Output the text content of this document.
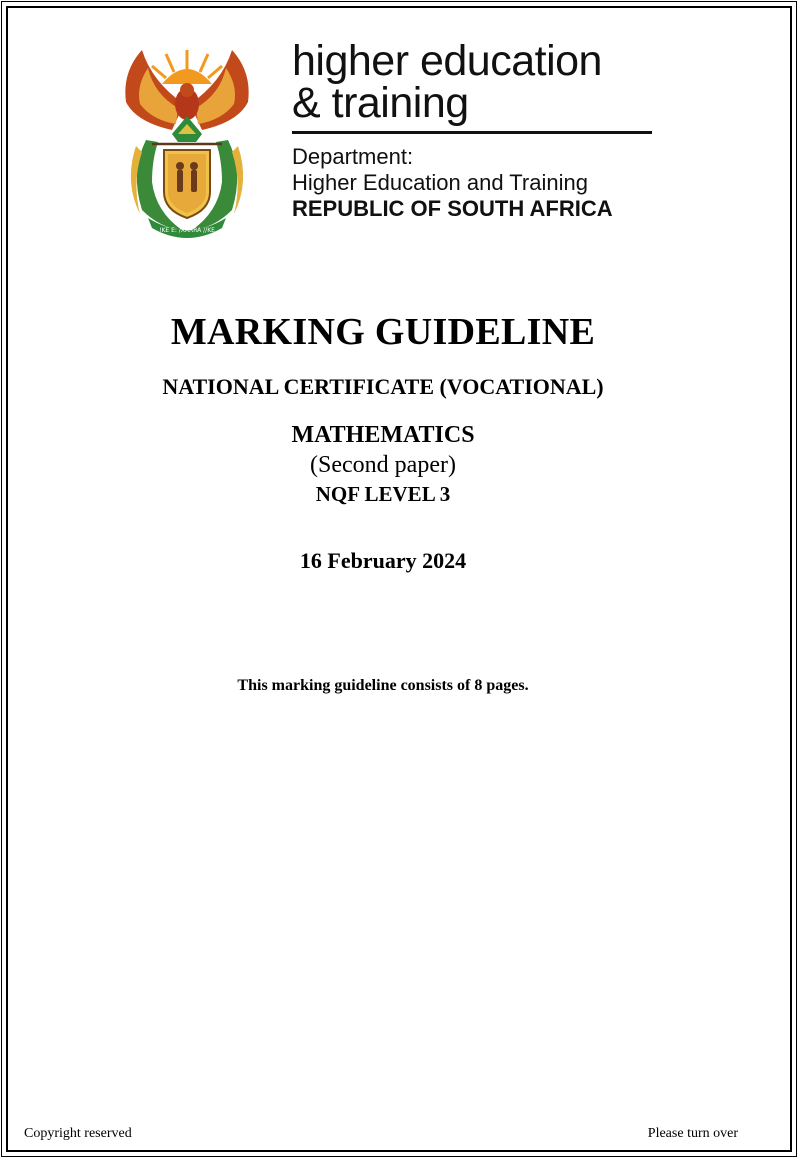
!KE E: /XARRA //KE
higher education
& training
Department:
Higher Education and Training
REPUBLIC OF SOUTH AFRICA
MARKING GUIDELINE
NATIONAL CERTIFICATE (VOCATIONAL)
MATHEMATICS
(Second paper)
NQF LEVEL 3
16 February 2024
This marking guideline consists of 8 pages.
Copyright reserved	Please turn over
